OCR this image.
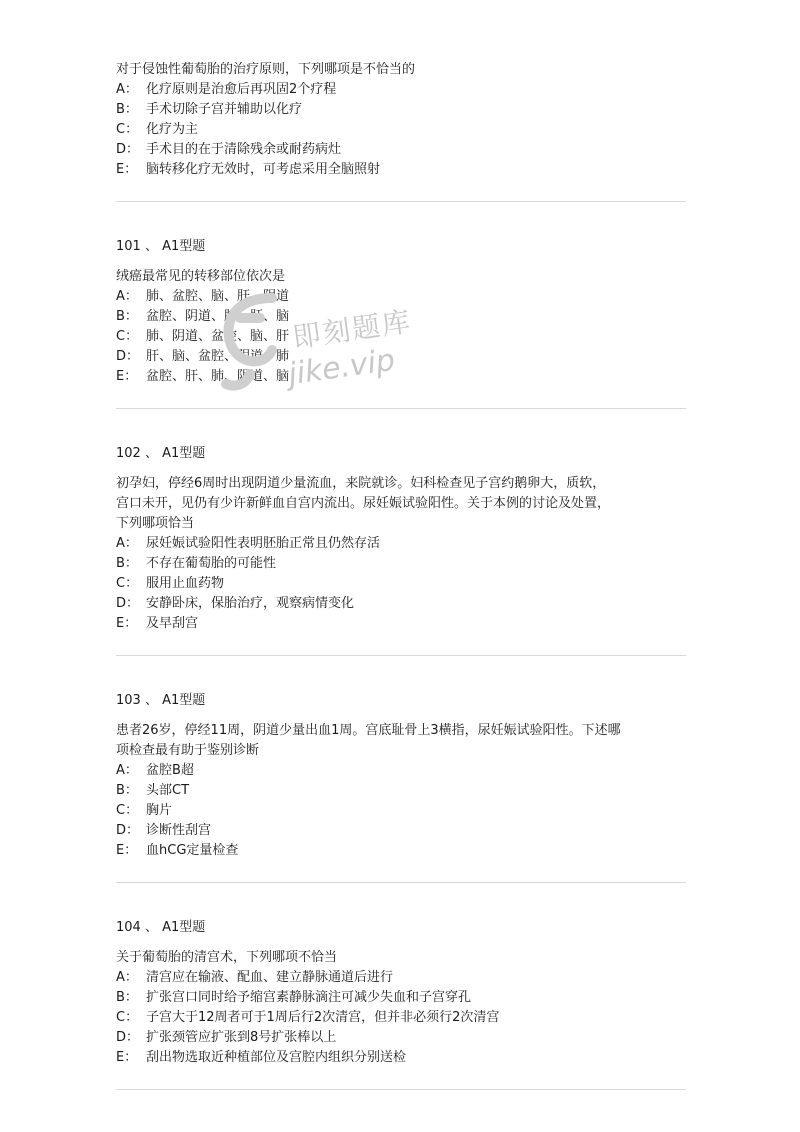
对于侵蚀性葡萄胎的治疗原则，下列哪项是不恰当的
A： 化疗原则是治愈后再巩固2个疗程
B： 手术切除子宫并辅助以化疗
C： 化疗为主
D： 手术目的在于清除残余或耐药病灶
E： 脑转移化疗无效时，可考虑采用全脑照射
101 、 A1型题
绒癌最常见的转移部位依次是
A： 肺、盆腔、脑、肝、阴道
B： 盆腔、阴道、肺、肝、脑
C： 肺、阴道、盆腔、脑、肝
D： 肝、脑、盆腔、阴道、肺
E： 盆腔、肝、肺、阴道、脑
102 、 A1型题
初孕妇，停经6周时出现阴道少量流血，来院就诊。妇科检查见子宫约鹅卵大，质软，
宫口未开，见仍有少许新鲜血自宫内流出。尿妊娠试验阳性。关于本例的讨论及处置，
下列哪项恰当
A： 尿妊娠试验阳性表明胚胎正常且仍然存活
B： 不存在葡萄胎的可能性
C： 服用止血药物
D： 安静卧床，保胎治疗，观察病情变化
E： 及早刮宫
103 、 A1型题
患者26岁，停经11周，阴道少量出血1周。宫底耻骨上3横指，尿妊娠试验阳性。下述哪
项检查最有助于鉴别诊断
A： 盆腔B超
B： 头部CT
C： 胸片
D： 诊断性刮宫
E： 血hCG定量检查
104 、 A1型题
关于葡萄胎的清宫术，下列哪项不恰当
A： 清宫应在输液、配血、建立静脉通道后进行
B： 扩张宫口同时给予缩宫素静脉滴注可减少失血和子宫穿孔
C： 子宫大于12周者可于1周后行2次清宫，但并非必须行2次清宫
D： 扩张颈管应扩张到8号扩张棒以上
E： 刮出物选取近种植部位及宫腔内组织分别送检
即刻题库
jike.vip
